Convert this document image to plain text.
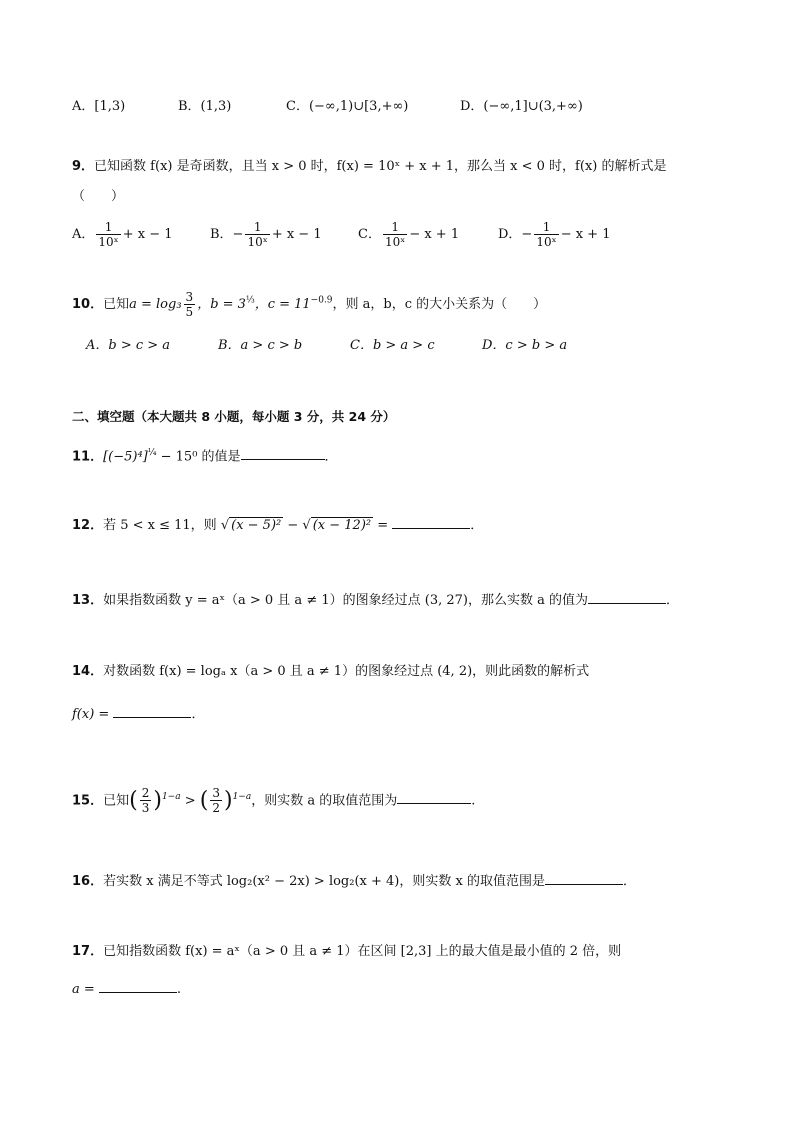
A．[1,3)	B．(1,3)	C．(−∞,1)∪[3,+∞)	D．(−∞,1]∪(3,+∞)
9．已知函数 f(x) 是奇函数，且当 x > 0 时，f(x) = 10ˣ + x + 1，那么当 x < 0 时，f(x) 的解析式是
（　　）
A． $\frac{1}{\text{10ˣ}} + x - 1$	B．− $\frac{1}{\text{10ˣ}} + x - 1$	C． $\frac{1}{\text{10ˣ}} - x + 1$	D．− $\frac{1}{\text{10ˣ}} - x + 1$
10．已知$a = \log_3 \frac{3}{5}$ ，$b = 3^{\frac{1}{3}}$，$c = 11^{-0.9}$，则 a，b，c 的大小关系为（　　）
A．b > c > a	B．a > c > b	C．b > a > c	D．c > b > a
二、填空题（本大题共 8 小题，每小题 3 分，共 24 分）
11．$[(-5)^4]^{\frac{1}{4}} - 15^0$ 的值是	．
12．若 5 < x ≤ 11，则 √ (x − 5)² − √ (x − 12)² =	．
13．如果指数函数 y = aˣ（a > 0 且 a ≠ 1）的图象经过点 (3, 27)，那么实数 a 的值为	．
14．对数函数 f(x) = logₐ x（a > 0 且 a ≠ 1）的图象经过点 (4, 2)，则此函数的解析式
f(x) =	．
15．已知( $\frac{2}{3} )^{1-a}$ > ( $\frac{3}{2} )^{1-a}$，则实数 a 的取值范围为	.
16．若实数 x 满足不等式 log₂(x² − 2x) > log₂(x + 4)，则实数 x 的取值范围是	．
17．已知指数函数 f(x) = aˣ（a > 0 且 a ≠ 1）在区间 [2,3] 上的最大值是最小值的 2 倍，则
a =	.
